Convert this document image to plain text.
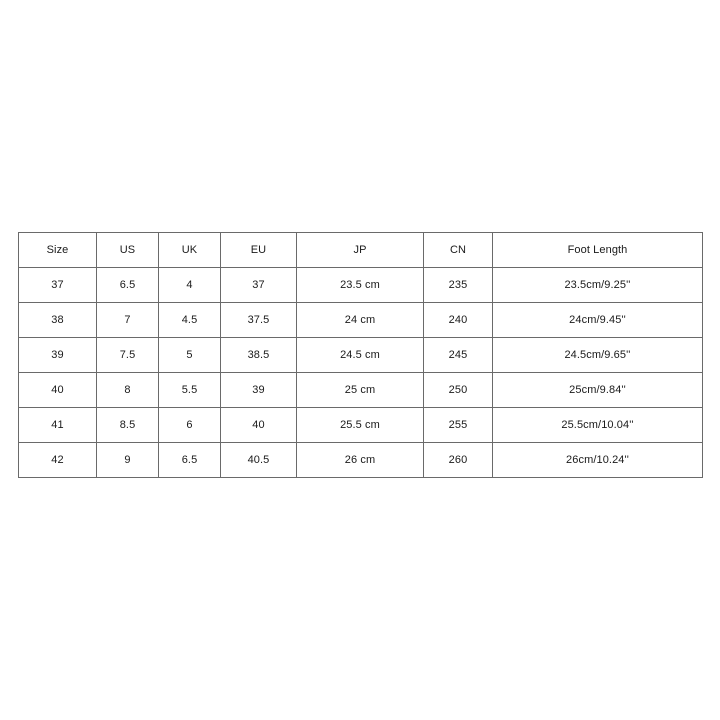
Size	US	UK	EU	JP	CN	Foot Length
37	6.5	4	37	23.5 cm	235	23.5cm/9.25''
38	7	4.5	37.5	24 cm	240	24cm/9.45''
39	7.5	5	38.5	24.5 cm	245	24.5cm/9.65''
40	8	5.5	39	25 cm	250	25cm/9.84''
41	8.5	6	40	25.5 cm	255	25.5cm/10.04''
42	9	6.5	40.5	26 cm	260	26cm/10.24''
